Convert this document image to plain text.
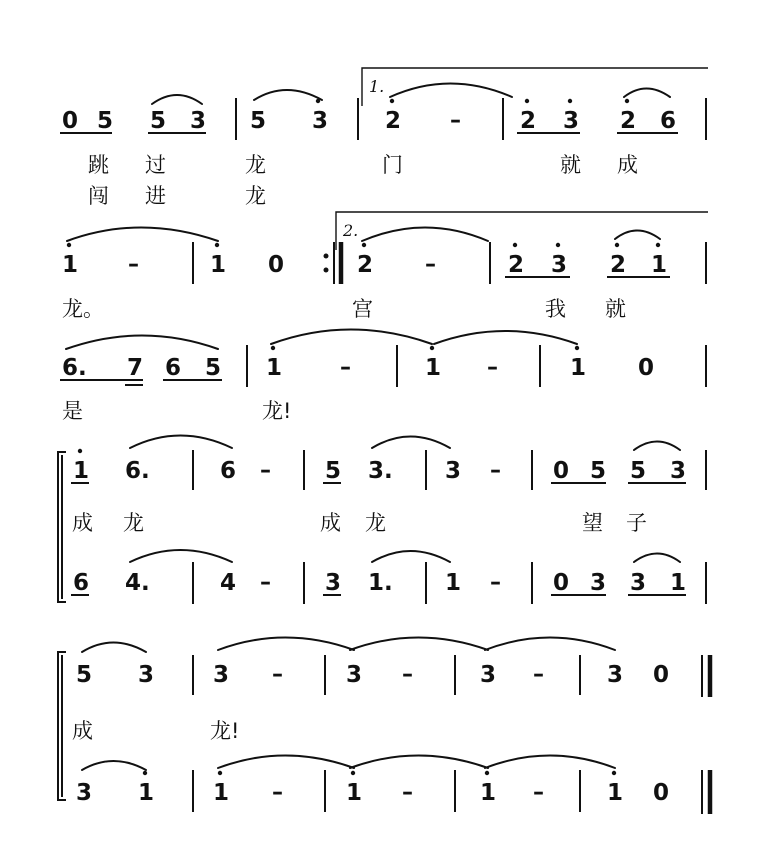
1.
0 5 5 3 5 3 2 –	2 3 2 6
跳 过	龙	门	就 成
闯 进	龙
2.
1 –	1 0	2 –	2 3 2 1
龙。	宫	我 就
6. 7 6 5 1	–	1 –	1 0
是	龙!
1 6.	6 – 5 3. 3 – 0 5 5 3
成 龙	成 龙	望 子
6 4.	4 – 3 1. 1 – 0 3 3 1
5 3	3 –	3 –	3 –	3 0
成	龙!
3 1	1 –	1 –	1 –	1 0
